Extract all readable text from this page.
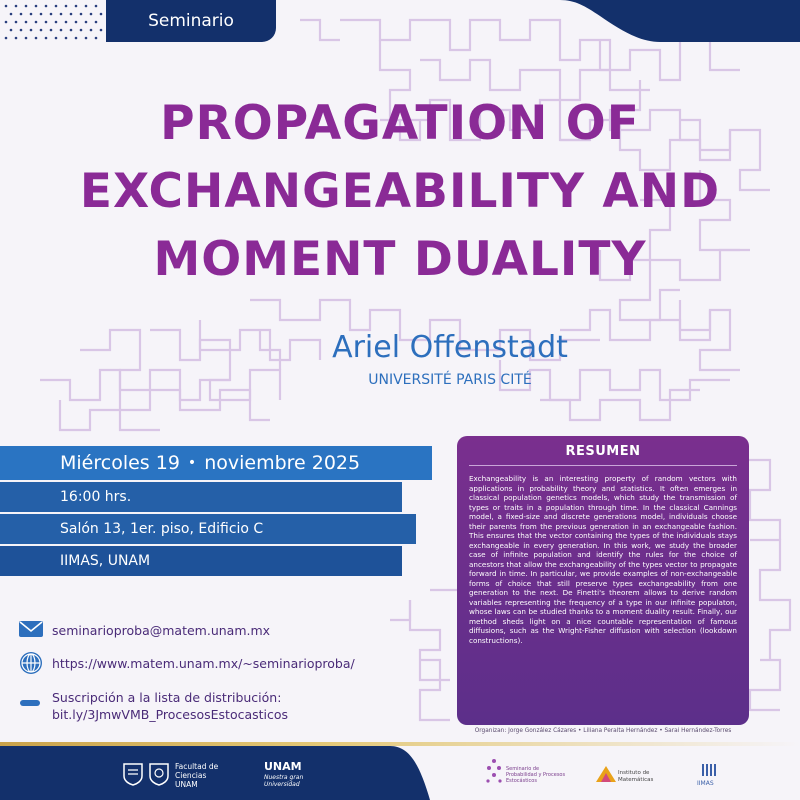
Seminario
PROPAGATION OF
EXCHANGEABILITY AND
MOMENT DUALITY
Ariel Offenstadt
UNIVERSITÉ PARIS CITÉ
Miércoles 19 • noviembre 2025
16:00 hrs.
Salón 13, 1er. piso, Edificio C
IIMAS, UNAM
seminarioproba@matem.unam.mx
https://www.matem.unam.mx/~seminarioproba/
Suscripción a la lista de distribución:
bit.ly/3JmwVMB_ProcesosEstocasticos
RESUMEN

Exchangeability is an interesting property of random vectors with applications in probability theory and statistics. It often emerges in classical population genetics models, which study the transmission of types or traits in a population through time. In the classical Cannings model, a fixed-size and discrete generations model, individuals choose their parents from the previous generation in an exchangeable fashion. This ensures that the vector containing the types of the individuals stays exchangeable in every generation. In this work, we study the broader case of infinite population and identify the rules for the choice of ancestors that allow the exchangeability of the types vector to propagate forward in time. In particular, we provide examples of non-exchangeable forms of choice that still preserve types exchangeability from one generation to the next. De Finetti's theorem allows to derive random variables representing the frequency of a type in our infinite populaton, whose laws can be studied thanks to a moment duality result. Finally, our method sheds light on a nice countable representation of famous diffusions, such as the Wright-Fisher diffusion with selection (lookdown constructions).

Organizan: Jorge González Cázares • Liliana Peralta Hernández • Sarai Hernández-Torres
Facultad de
Ciencias
UNAM
UNAM
Nuestra gran Universidad
Seminario de Probabilidad y Procesos Estocásticos
Instituto de Matemáticas
IIMAS
